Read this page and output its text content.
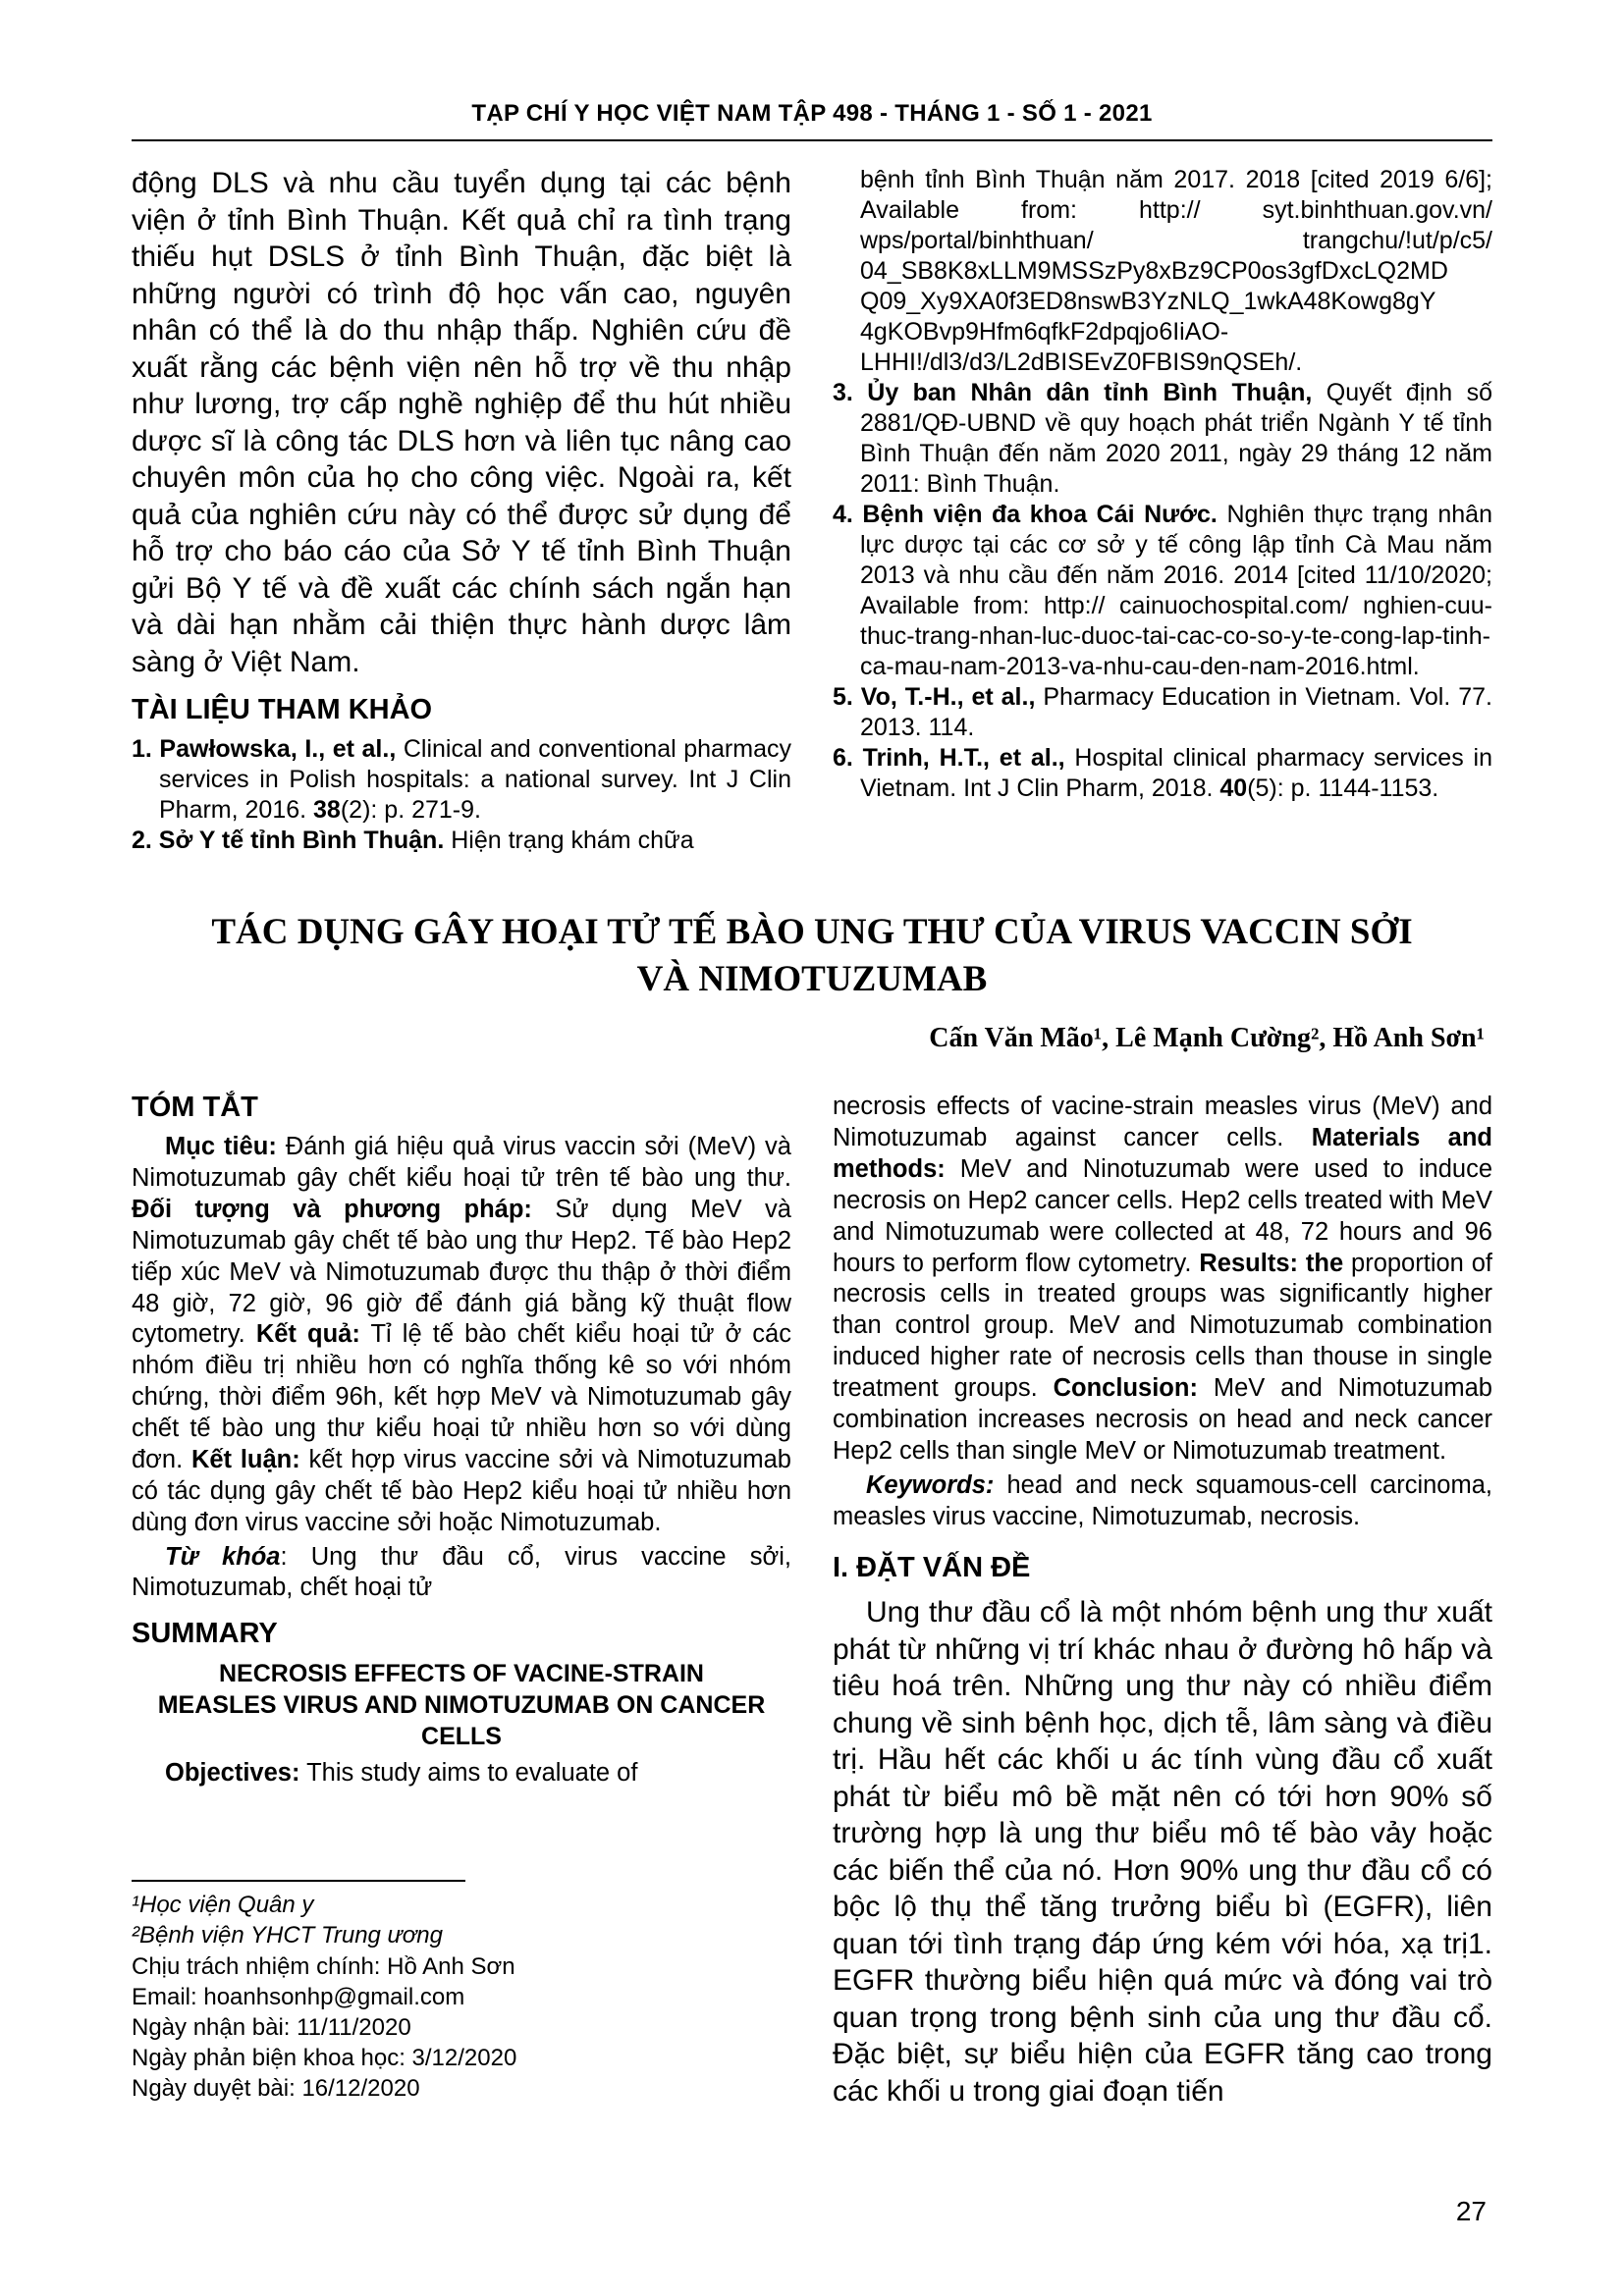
TẠP CHÍ Y HỌC VIỆT NAM TẬP 498 - THÁNG 1 - SỐ 1 - 2021

động DLS và nhu cầu tuyển dụng tại các bệnh viện ở tỉnh Bình Thuận. Kết quả chỉ ra tình trạng thiếu hụt DSLS ở tỉnh Bình Thuận, đặc biệt là những người có trình độ học vấn cao, nguyên nhân có thể là do thu nhập thấp. Nghiên cứu đề xuất rằng các bệnh viện nên hỗ trợ về thu nhập như lương, trợ cấp nghề nghiệp để thu hút nhiều dược sĩ là công tác DLS hơn và liên tục nâng cao chuyên môn của họ cho công việc. Ngoài ra, kết quả của nghiên cứu này có thể được sử dụng để hỗ trợ cho báo cáo của Sở Y tế tỉnh Bình Thuận gửi Bộ Y tế và đề xuất các chính sách ngắn hạn và dài hạn nhằm cải thiện thực hành dược lâm sàng ở Việt Nam.

TÀI LIỆU THAM KHẢO

1. Pawłowska, I., et al., Clinical and conventional pharmacy services in Polish hospitals: a national survey. Int J Clin Pharm, 2016. 38(2): p. 271-9.

2. Sở Y tế tỉnh Bình Thuận. Hiện trạng khám chữa

bệnh tỉnh Bình Thuận năm 2017. 2018 [cited 2019 6/6]; Available from: http:// syt.binhthuan.gov.vn/ wps/portal/binhthuan/ trangchu/!ut/p/c5/ 04_SB8K8xLLM9MSSzPy8xBz9CP0os3gfDxcLQ2MD Q09_Xy9XA0f3ED8nswB3YzNLQ_1wkA48Kowg8gY 4gKOBvp9Hfm6qfkF2dpqjo6IiAO-LHHI!/dl3/d3/L2dBISEvZ0FBIS9nQSEh/.

3. Ủy ban Nhân dân tỉnh Bình Thuận, Quyết định số 2881/QĐ-UBND về quy hoạch phát triển Ngành Y tế tỉnh Bình Thuận đến năm 2020 2011, ngày 29 tháng 12 năm 2011: Bình Thuận.

4. Bệnh viện đa khoa Cái Nước. Nghiên thực trạng nhân lực dược tại các cơ sở y tế công lập tỉnh Cà Mau năm 2013 và nhu cầu đến năm 2016. 2014 [cited 11/10/2020; Available from: http:// cainuochospital.com/ nghien-cuu-thuc-trang-nhan-luc-duoc-tai-cac-co-so-y-te-cong-lap-tinh-ca-mau-nam-2013-va-nhu-cau-den-nam-2016.html.

5. Vo, T.-H., et al., Pharmacy Education in Vietnam. Vol. 77. 2013. 114.

6. Trinh, H.T., et al., Hospital clinical pharmacy services in Vietnam. Int J Clin Pharm, 2018. 40(5): p. 1144-1153.

TÁC DỤNG GÂY HOẠI TỬ TẾ BÀO UNG THƯ CỦA VIRUS VACCIN SỞI VÀ NIMOTUZUMAB
Cấn Văn Mão¹, Lê Mạnh Cường², Hồ Anh Sơn¹
TÓM TẮT

Mục tiêu: Đánh giá hiệu quả virus vaccin sởi (MeV) và Nimotuzumab gây chết kiểu hoại tử trên tế bào ung thư. Đối tượng và phương pháp: Sử dụng MeV và Nimotuzumab gây chết tế bào ung thư Hep2. Tế bào Hep2 tiếp xúc MeV và Nimotuzumab được thu thập ở thời điểm 48 giờ, 72 giờ, 96 giờ để đánh giá bằng kỹ thuật flow cytometry. Kết quả: Tỉ lệ tế bào chết kiểu hoại tử ở các nhóm điều trị nhiều hơn có nghĩa thống kê so với nhóm chứng, thời điểm 96h, kết hợp MeV và Nimotuzumab gây chết tế bào ung thư kiểu hoại tử nhiều hơn so với dùng đơn. Kết luận: kết hợp virus vaccine sởi và Nimotuzumab có tác dụng gây chết tế bào Hep2 kiểu hoại tử nhiều hơn dùng đơn virus vaccine sởi hoặc Nimotuzumab.

Từ khóa: Ung thư đầu cổ, virus vaccine sởi, Nimotuzumab, chết hoại tử

SUMMARY
NECROSIS EFFECTS OF VACINE-STRAIN MEASLES VIRUS AND NIMOTUZUMAB ON CANCER CELLS

Objectives: This study aims to evaluate of

¹Học viện Quân y
²Bệnh viện YHCT Trung ương
Chịu trách nhiệm chính: Hồ Anh Sơn
Email: hoanhsonhp@gmail.com
Ngày nhận bài: 11/11/2020
Ngày phản biện khoa học: 3/12/2020
Ngày duyệt bài: 16/12/2020

necrosis effects of vacine-strain measles virus (MeV) and Nimotuzumab against cancer cells. Materials and methods: MeV and Ninotuzumab were used to induce necrosis on Hep2 cancer cells. Hep2 cells treated with MeV and Nimotuzumab were collected at 48, 72 hours and 96 hours to perform flow cytometry. Results: the proportion of necrosis cells in treated groups was significantly higher than control group. MeV and Nimotuzumab combination induced higher rate of necrosis cells than thouse in single treatment groups. Conclusion: MeV and Nimotuzumab combination increases necrosis on head and neck cancer Hep2 cells than single MeV or Nimotuzumab treatment.

Keywords: head and neck squamous-cell carcinoma, measles virus vaccine, Nimotuzumab, necrosis.

I. ĐẶT VẤN ĐỀ

Ung thư đầu cổ là một nhóm bệnh ung thư xuất phát từ những vị trí khác nhau ở đường hô hấp và tiêu hoá trên. Những ung thư này có nhiều điểm chung về sinh bệnh học, dịch tễ, lâm sàng và điều trị. Hầu hết các khối u ác tính vùng đầu cổ xuất phát từ biểu mô bề mặt nên có tới hơn 90% số trường hợp là ung thư biểu mô tế bào vảy hoặc các biến thể của nó. Hơn 90% ung thư đầu cổ có bộc lộ thụ thể tăng trưởng biểu bì (EGFR), liên quan tới tình trạng đáp ứng kém với hóa, xạ trị1. EGFR thường biểu hiện quá mức và đóng vai trò quan trọng trong bệnh sinh của ung thư đầu cổ. Đặc biệt, sự biểu hiện của EGFR tăng cao trong các khối u trong giai đoạn tiến

27
